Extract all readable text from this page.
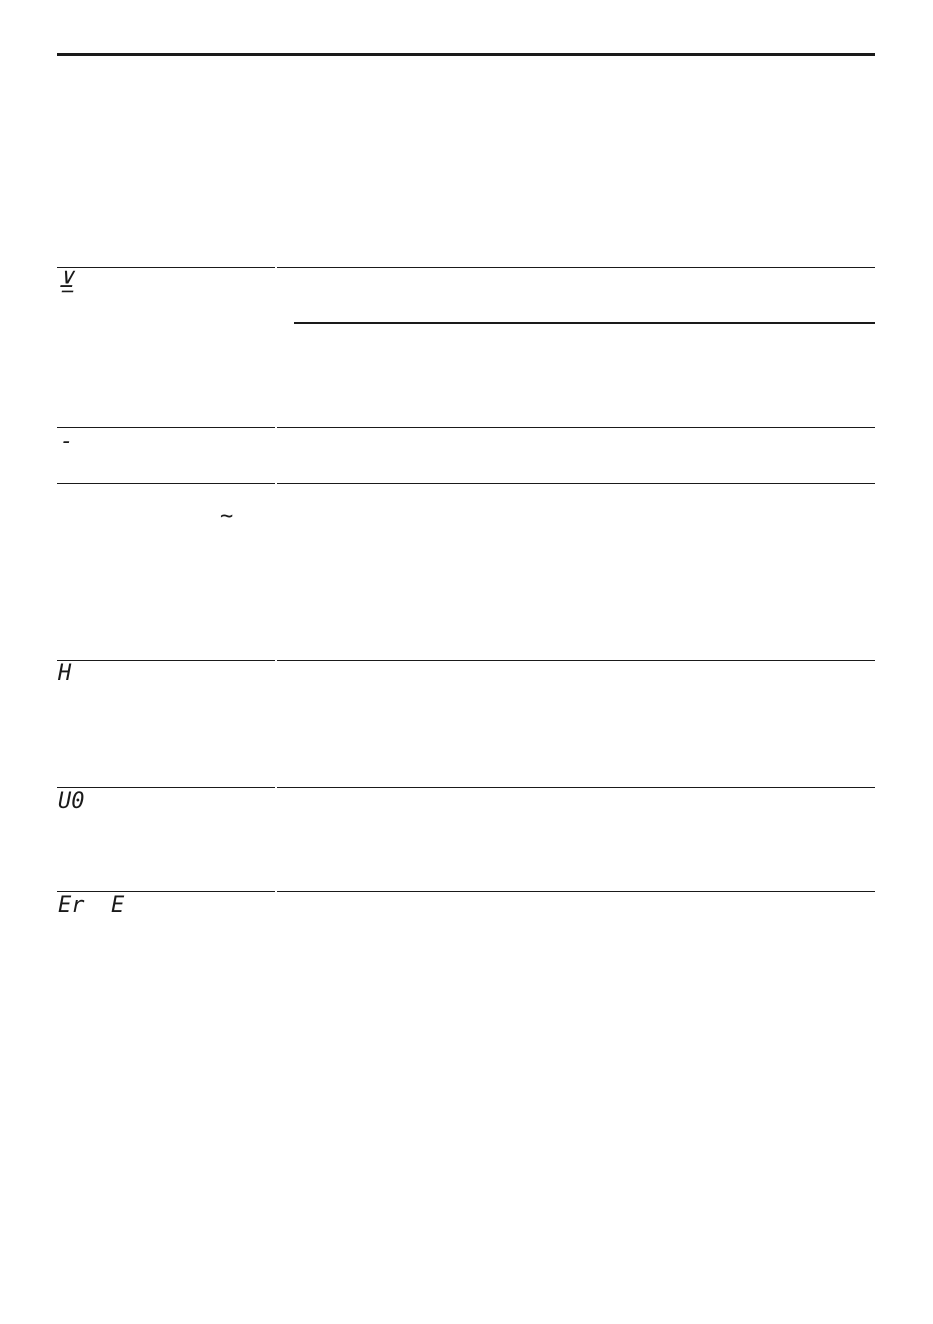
⊻̲
-
~
H
U0
Er  E
